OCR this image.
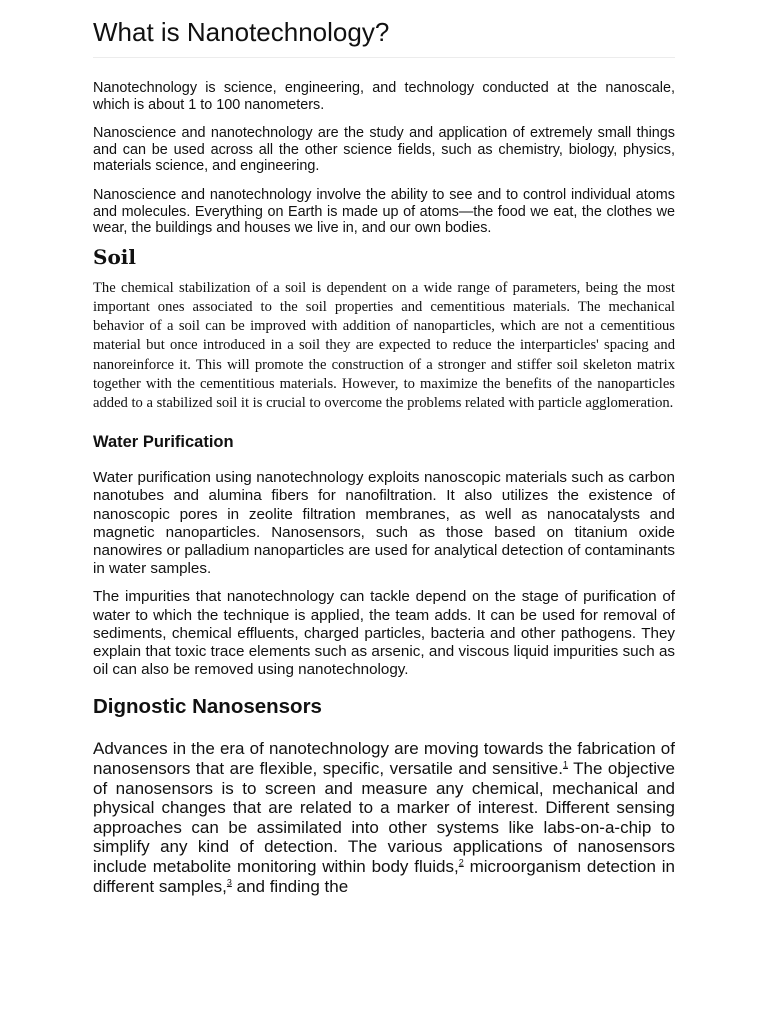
What is Nanotechnology?

Nanotechnology is science, engineering, and technology conducted at the nanoscale, which is about 1 to 100 nanometers.

Nanoscience and nanotechnology are the study and application of extremely small things and can be used across all the other science fields, such as chemistry, biology, physics, materials science, and engineering.

Nanoscience and nanotechnology involve the ability to see and to control individual atoms and molecules. Everything on Earth is made up of atoms—the food we eat, the clothes we wear, the buildings and houses we live in, and our own bodies.

Soil

The chemical stabilization of a soil is dependent on a wide range of parameters, being the most important ones associated to the soil properties and cementitious materials. The mechanical behavior of a soil can be improved with addition of nanoparticles, which are not a cementitious material but once introduced in a soil they are expected to reduce the interparticles' spacing and nanoreinforce it. This will promote the construction of a stronger and stiffer soil skeleton matrix together with the cementitious materials. However, to maximize the benefits of the nanoparticles added to a stabilized soil it is crucial to overcome the problems related with particle agglomeration.

Water Purification

Water purification using nanotechnology exploits nanoscopic materials such as carbon nanotubes and alumina fibers for nanofiltration. It also utilizes the existence of nanoscopic pores in zeolite filtration membranes, as well as nanocatalysts and magnetic nanoparticles. Nanosensors, such as those based on titanium oxide nanowires or palladium nanoparticles are used for analytical detection of contaminants in water samples.

The impurities that nanotechnology can tackle depend on the stage of purification of water to which the technique is applied, the team adds. It can be used for removal of sediments, chemical effluents, charged particles, bacteria and other pathogens. They explain that toxic trace elements such as arsenic, and viscous liquid impurities such as oil can also be removed using nanotechnology.

Dignostic Nanosensors

Advances in the era of nanotechnology are moving towards the fabrication of nanosensors that are flexible, specific, versatile and sensitive.$^1$ The objective of nanosensors is to screen and measure any chemical, mechanical and physical changes that are related to a marker of interest. Different sensing approaches can be assimilated into other systems like labs-on-a-chip to simplify any kind of detection. The various applications of nanosensors include metabolite monitoring within body fluids,$^2$ microorganism detection in different samples,$^3$ and finding the
